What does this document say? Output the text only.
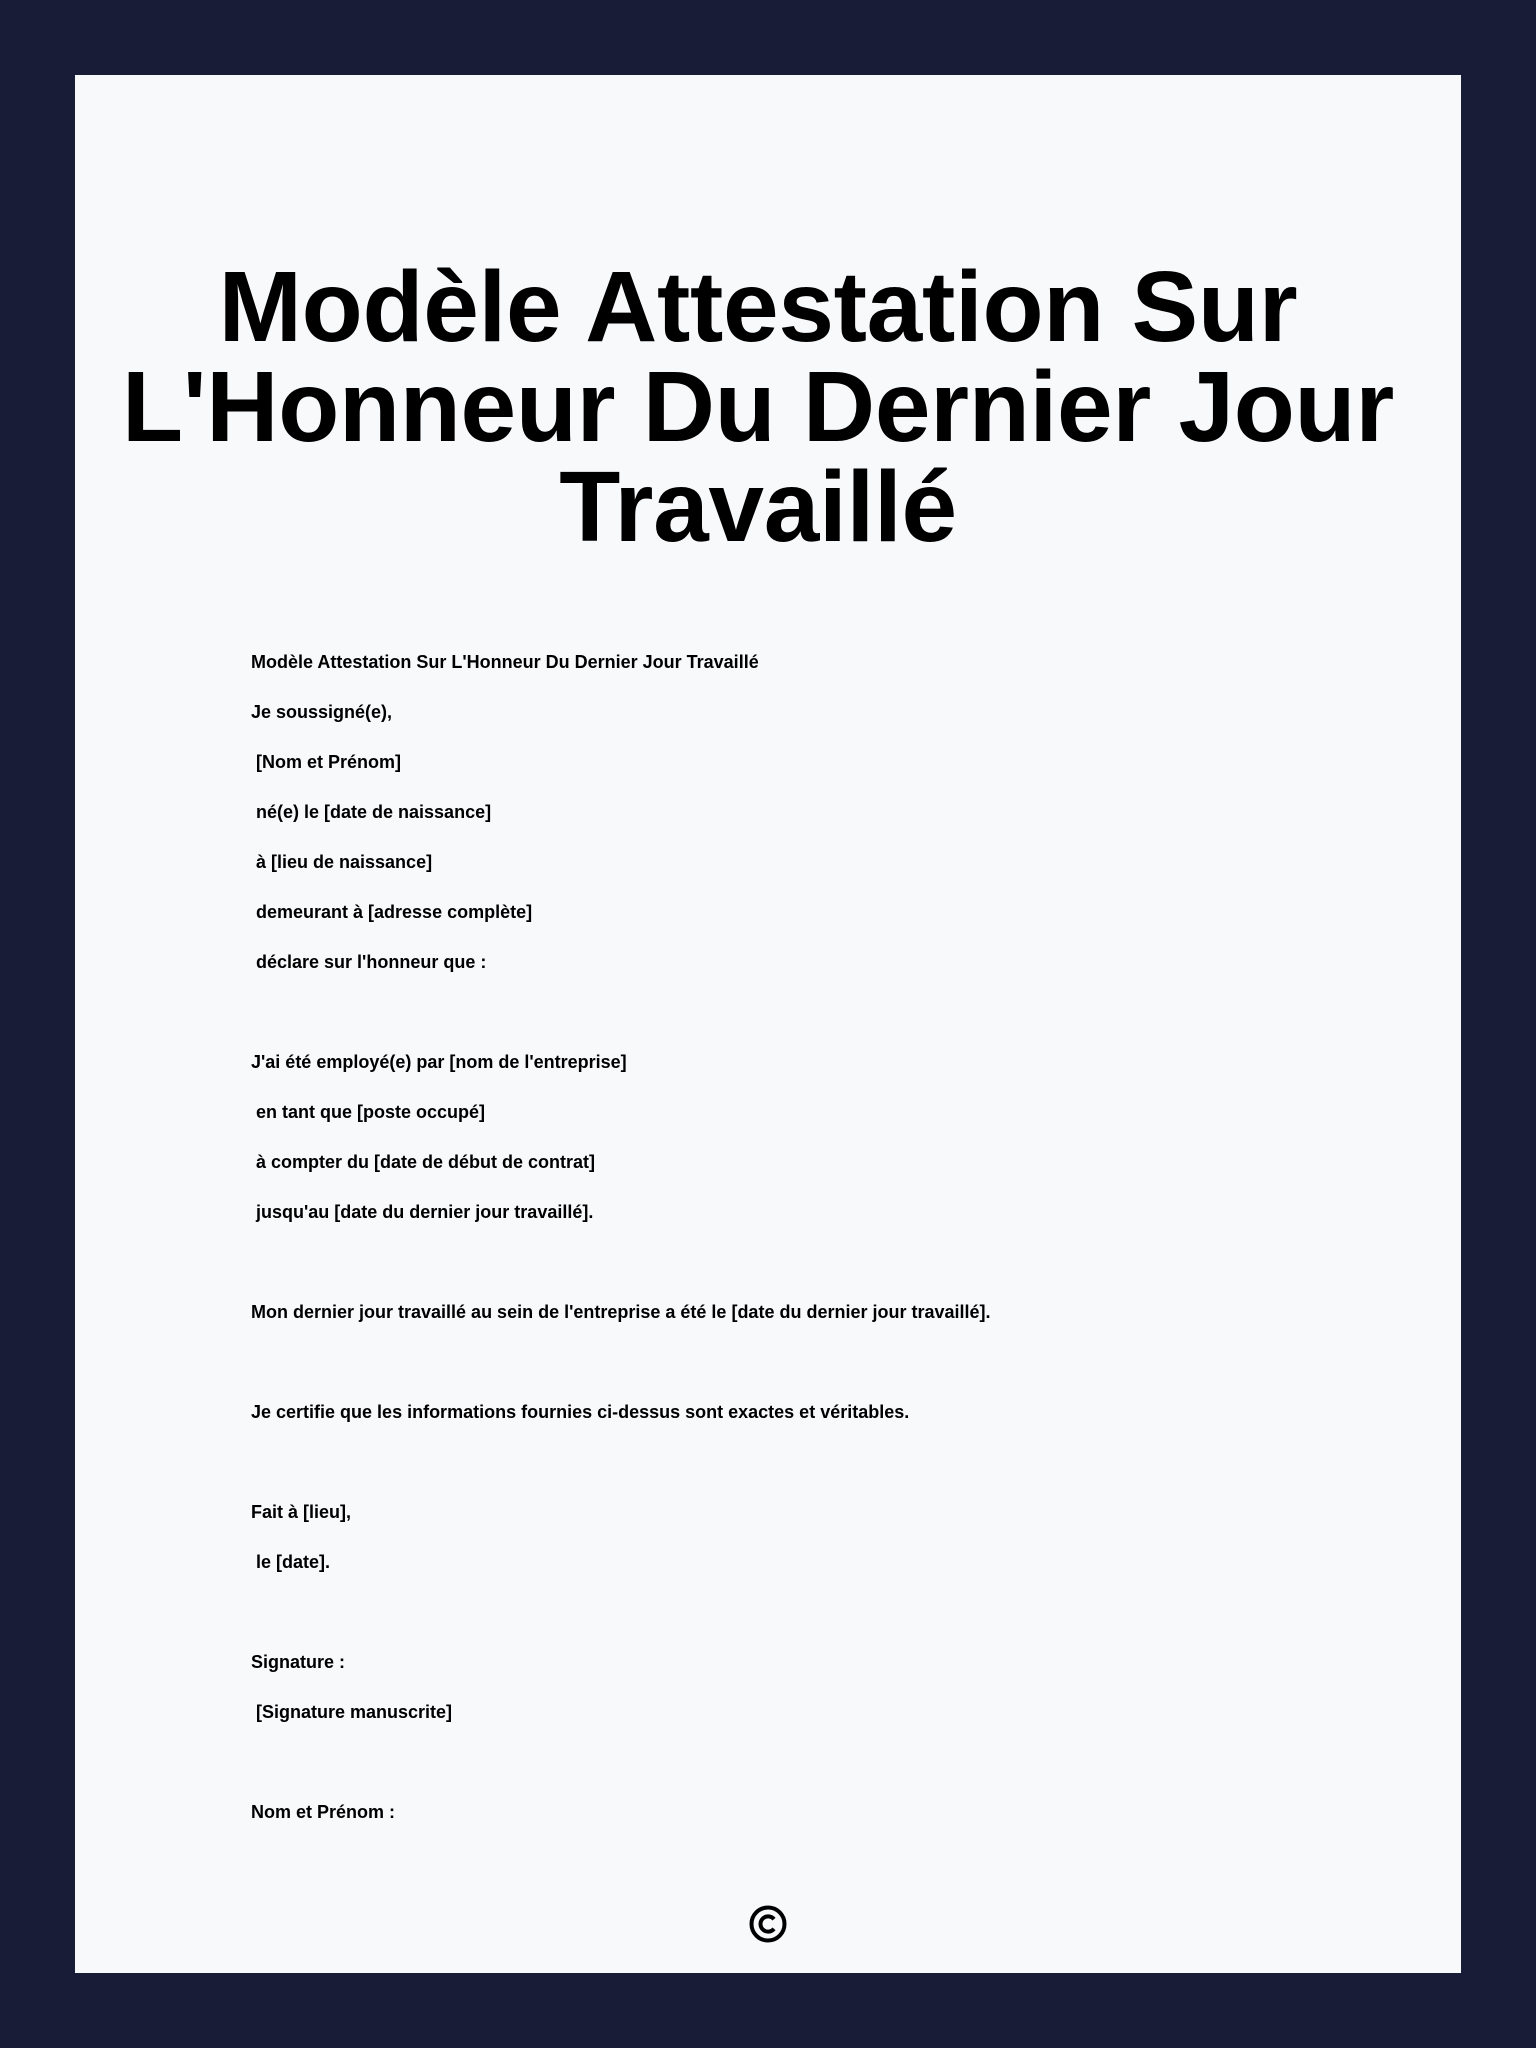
Modèle Attestation Sur L'Honneur Du Dernier Jour Travaillé

Modèle Attestation Sur L'Honneur Du Dernier Jour Travaillé

Je soussigné(e),

[Nom et Prénom]

né(e) le [date de naissance]

à [lieu de naissance]

demeurant à [adresse complète]

déclare sur l'honneur que :

J'ai été employé(e) par [nom de l'entreprise]

en tant que [poste occupé]

à compter du [date de début de contrat]

jusqu'au [date du dernier jour travaillé].

Mon dernier jour travaillé au sein de l'entreprise a été le [date du dernier jour travaillé].

Je certifie que les informations fournies ci-dessus sont exactes et véritables.

Fait à [lieu],

le [date].

Signature :

[Signature manuscrite]

Nom et Prénom :
